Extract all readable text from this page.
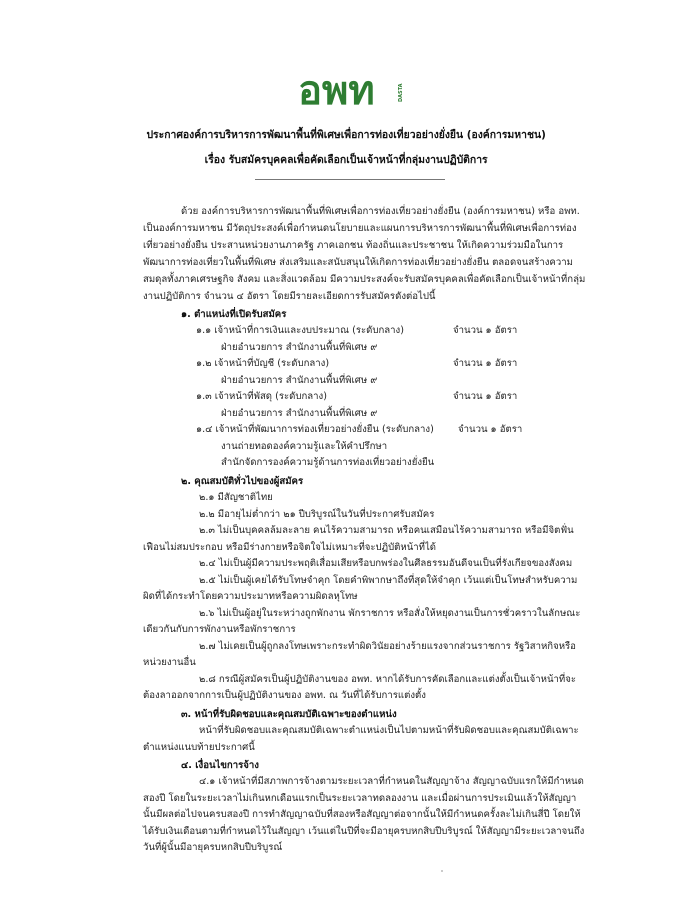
อพท	DASTA
ประกาศองค์การบริหารการพัฒนาพื้นที่พิเศษเพื่อการท่องเที่ยวอย่างยั่งยืน (องค์การมหาชน)
เรื่อง รับสมัครบุคคลเพื่อคัดเลือกเป็นเจ้าหน้าที่กลุ่มงานปฏิบัติการ
ด้วย องค์การบริหารการพัฒนาพื้นที่พิเศษเพื่อการท่องเที่ยวอย่างยั่งยืน (องค์การมหาชน) หรือ อพท.
เป็นองค์การมหาชน มีวัตถุประสงค์เพื่อกำหนดนโยบายและแผนการบริหารการพัฒนาพื้นที่พิเศษเพื่อการท่อง
เที่ยวอย่างยั่งยืน ประสานหน่วยงานภาครัฐ ภาคเอกชน ท้องถิ่นและประชาชน ให้เกิดความร่วมมือในการ
พัฒนาการท่องเที่ยวในพื้นที่พิเศษ ส่งเสริมและสนับสนุนให้เกิดการท่องเที่ยวอย่างยั่งยืน ตลอดจนสร้างความ
สมดุลทั้งภาคเศรษฐกิจ สังคม และสิ่งแวดล้อม มีความประสงค์จะรับสมัครบุคคลเพื่อคัดเลือกเป็นเจ้าหน้าที่กลุ่ม
งานปฏิบัติการ จำนวน ๔ อัตรา โดยมีรายละเอียดการรับสมัครดังต่อไปนี้
๑. ตำแหน่งที่เปิดรับสมัคร
๑.๑ เจ้าหน้าที่การเงินและงบประมาณ (ระดับกลาง)	จำนวน ๑ อัตรา
ฝ่ายอำนวยการ สำนักงานพื้นที่พิเศษ ๙
๑.๒ เจ้าหน้าที่บัญชี (ระดับกลาง)	จำนวน ๑ อัตรา
ฝ่ายอำนวยการ สำนักงานพื้นที่พิเศษ ๙
๑.๓ เจ้าหน้าที่พัสดุ (ระดับกลาง)	จำนวน ๑ อัตรา
ฝ่ายอำนวยการ สำนักงานพื้นที่พิเศษ ๙
๑.๔ เจ้าหน้าที่พัฒนาการท่องเที่ยวอย่างยั่งยืน (ระดับกลาง)	จำนวน ๑ อัตรา
งานถ่ายทอดองค์ความรู้และให้คำปรึกษา
สำนักจัดการองค์ความรู้ด้านการท่องเที่ยวอย่างยั่งยืน
๒. คุณสมบัติทั่วไปของผู้สมัคร
๒.๑ มีสัญชาติไทย
๒.๒ มีอายุไม่ต่ำกว่า ๒๑ ปีบริบูรณ์ในวันที่ประกาศรับสมัคร
๒.๓ ไม่เป็นบุคคลล้มละลาย คนไร้ความสามารถ หรือคนเสมือนไร้ความสามารถ หรือมีจิตฟั่น
เฟือนไม่สมประกอบ หรือมีร่างกายหรือจิตใจไม่เหมาะที่จะปฏิบัติหน้าที่ได้
๒.๔ ไม่เป็นผู้มีความประพฤติเสื่อมเสียหรือบกพร่องในศีลธรรมอันดีจนเป็นที่รังเกียจของสังคม
๒.๕ ไม่เป็นผู้เคยได้รับโทษจำคุก โดยคำพิพากษาถึงที่สุดให้จำคุก เว้นแต่เป็นโทษสำหรับความ
ผิดที่ได้กระทำโดยความประมาทหรือความผิดลหุโทษ
๒.๖ ไม่เป็นผู้อยู่ในระหว่างถูกพักงาน พักราชการ หรือสั่งให้หยุดงานเป็นการชั่วคราวในลักษณะ
เดียวกันกับการพักงานหรือพักราชการ
๒.๗ ไม่เคยเป็นผู้ถูกลงโทษเพราะกระทำผิดวินัยอย่างร้ายแรงจากส่วนราชการ รัฐวิสาหกิจหรือ
หน่วยงานอื่น
๒.๘ กรณีผู้สมัครเป็นผู้ปฏิบัติงานของ อพท. หากได้รับการคัดเลือกและแต่งตั้งเป็นเจ้าหน้าที่จะ
ต้องลาออกจากการเป็นผู้ปฏิบัติงานของ อพท. ณ วันที่ได้รับการแต่งตั้ง
๓. หน้าที่รับผิดชอบและคุณสมบัติเฉพาะของตำแหน่ง
หน้าที่รับผิดชอบและคุณสมบัติเฉพาะตำแหน่งเป็นไปตามหน้าที่รับผิดชอบและคุณสมบัติเฉพาะ
ตำแหน่งแนบท้ายประกาศนี้
๔. เงื่อนไขการจ้าง
๔.๑ เจ้าหน้าที่มีสภาพการจ้างตามระยะเวลาที่กำหนดในสัญญาจ้าง สัญญาฉบับแรกให้มีกำหนด
สองปี โดยในระยะเวลาไม่เกินหกเดือนแรกเป็นระยะเวลาทดลองงาน และเมื่อผ่านการประเมินแล้วให้สัญญา
นั้นมีผลต่อไปจนครบสองปี การทำสัญญาฉบับที่สองหรือสัญญาต่อจากนั้นให้มีกำหนดครั้งละไม่เกินสี่ปี โดยให้
ได้รับเงินเดือนตามที่กำหนดไว้ในสัญญา เว้นแต่ในปีที่จะมีอายุครบหกสิบปีบริบูรณ์ ให้สัญญามีระยะเวลาจนถึง
วันที่ผู้นั้นมีอายุครบหกสิบปีบริบูรณ์
